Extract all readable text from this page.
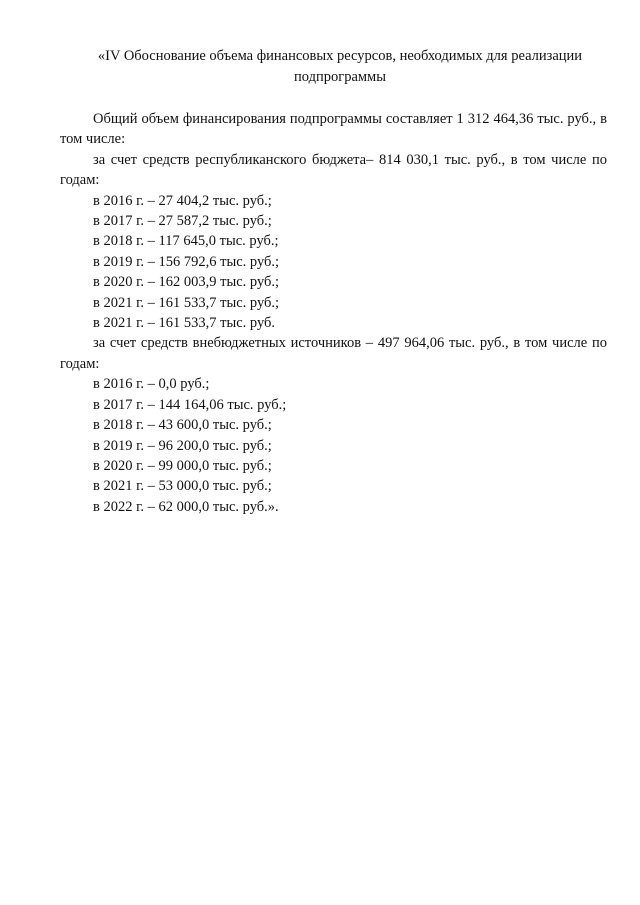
«IV Обоснование объема финансовых ресурсов, необходимых для реализации
подпрограммы

Общий объем финансирования подпрограммы составляет 1 312 464,36 тыс. руб., в том числе:

за счет средств республиканского бюджета– 814 030,1 тыс. руб., в том числе по годам:

в 2016 г. – 27 404,2 тыс. руб.;

в 2017 г. – 27 587,2 тыс. руб.;

в 2018 г. – 117 645,0 тыс. руб.;

в 2019 г. – 156 792,6 тыс. руб.;

в 2020 г. – 162 003,9 тыс. руб.;

в 2021 г. – 161 533,7 тыс. руб.;

в 2021 г. – 161 533,7 тыс. руб.

за счет средств внебюджетных источников – 497 964,06 тыс. руб., в том числе по годам:

в 2016 г. – 0,0 руб.;

в 2017 г. – 144 164,06 тыс. руб.;

в 2018 г. – 43 600,0 тыс. руб.;

в 2019 г. – 96 200,0 тыс. руб.;

в 2020 г. – 99 000,0 тыс. руб.;

в 2021 г. – 53 000,0 тыс. руб.;

в 2022 г. – 62 000,0 тыс. руб.».
